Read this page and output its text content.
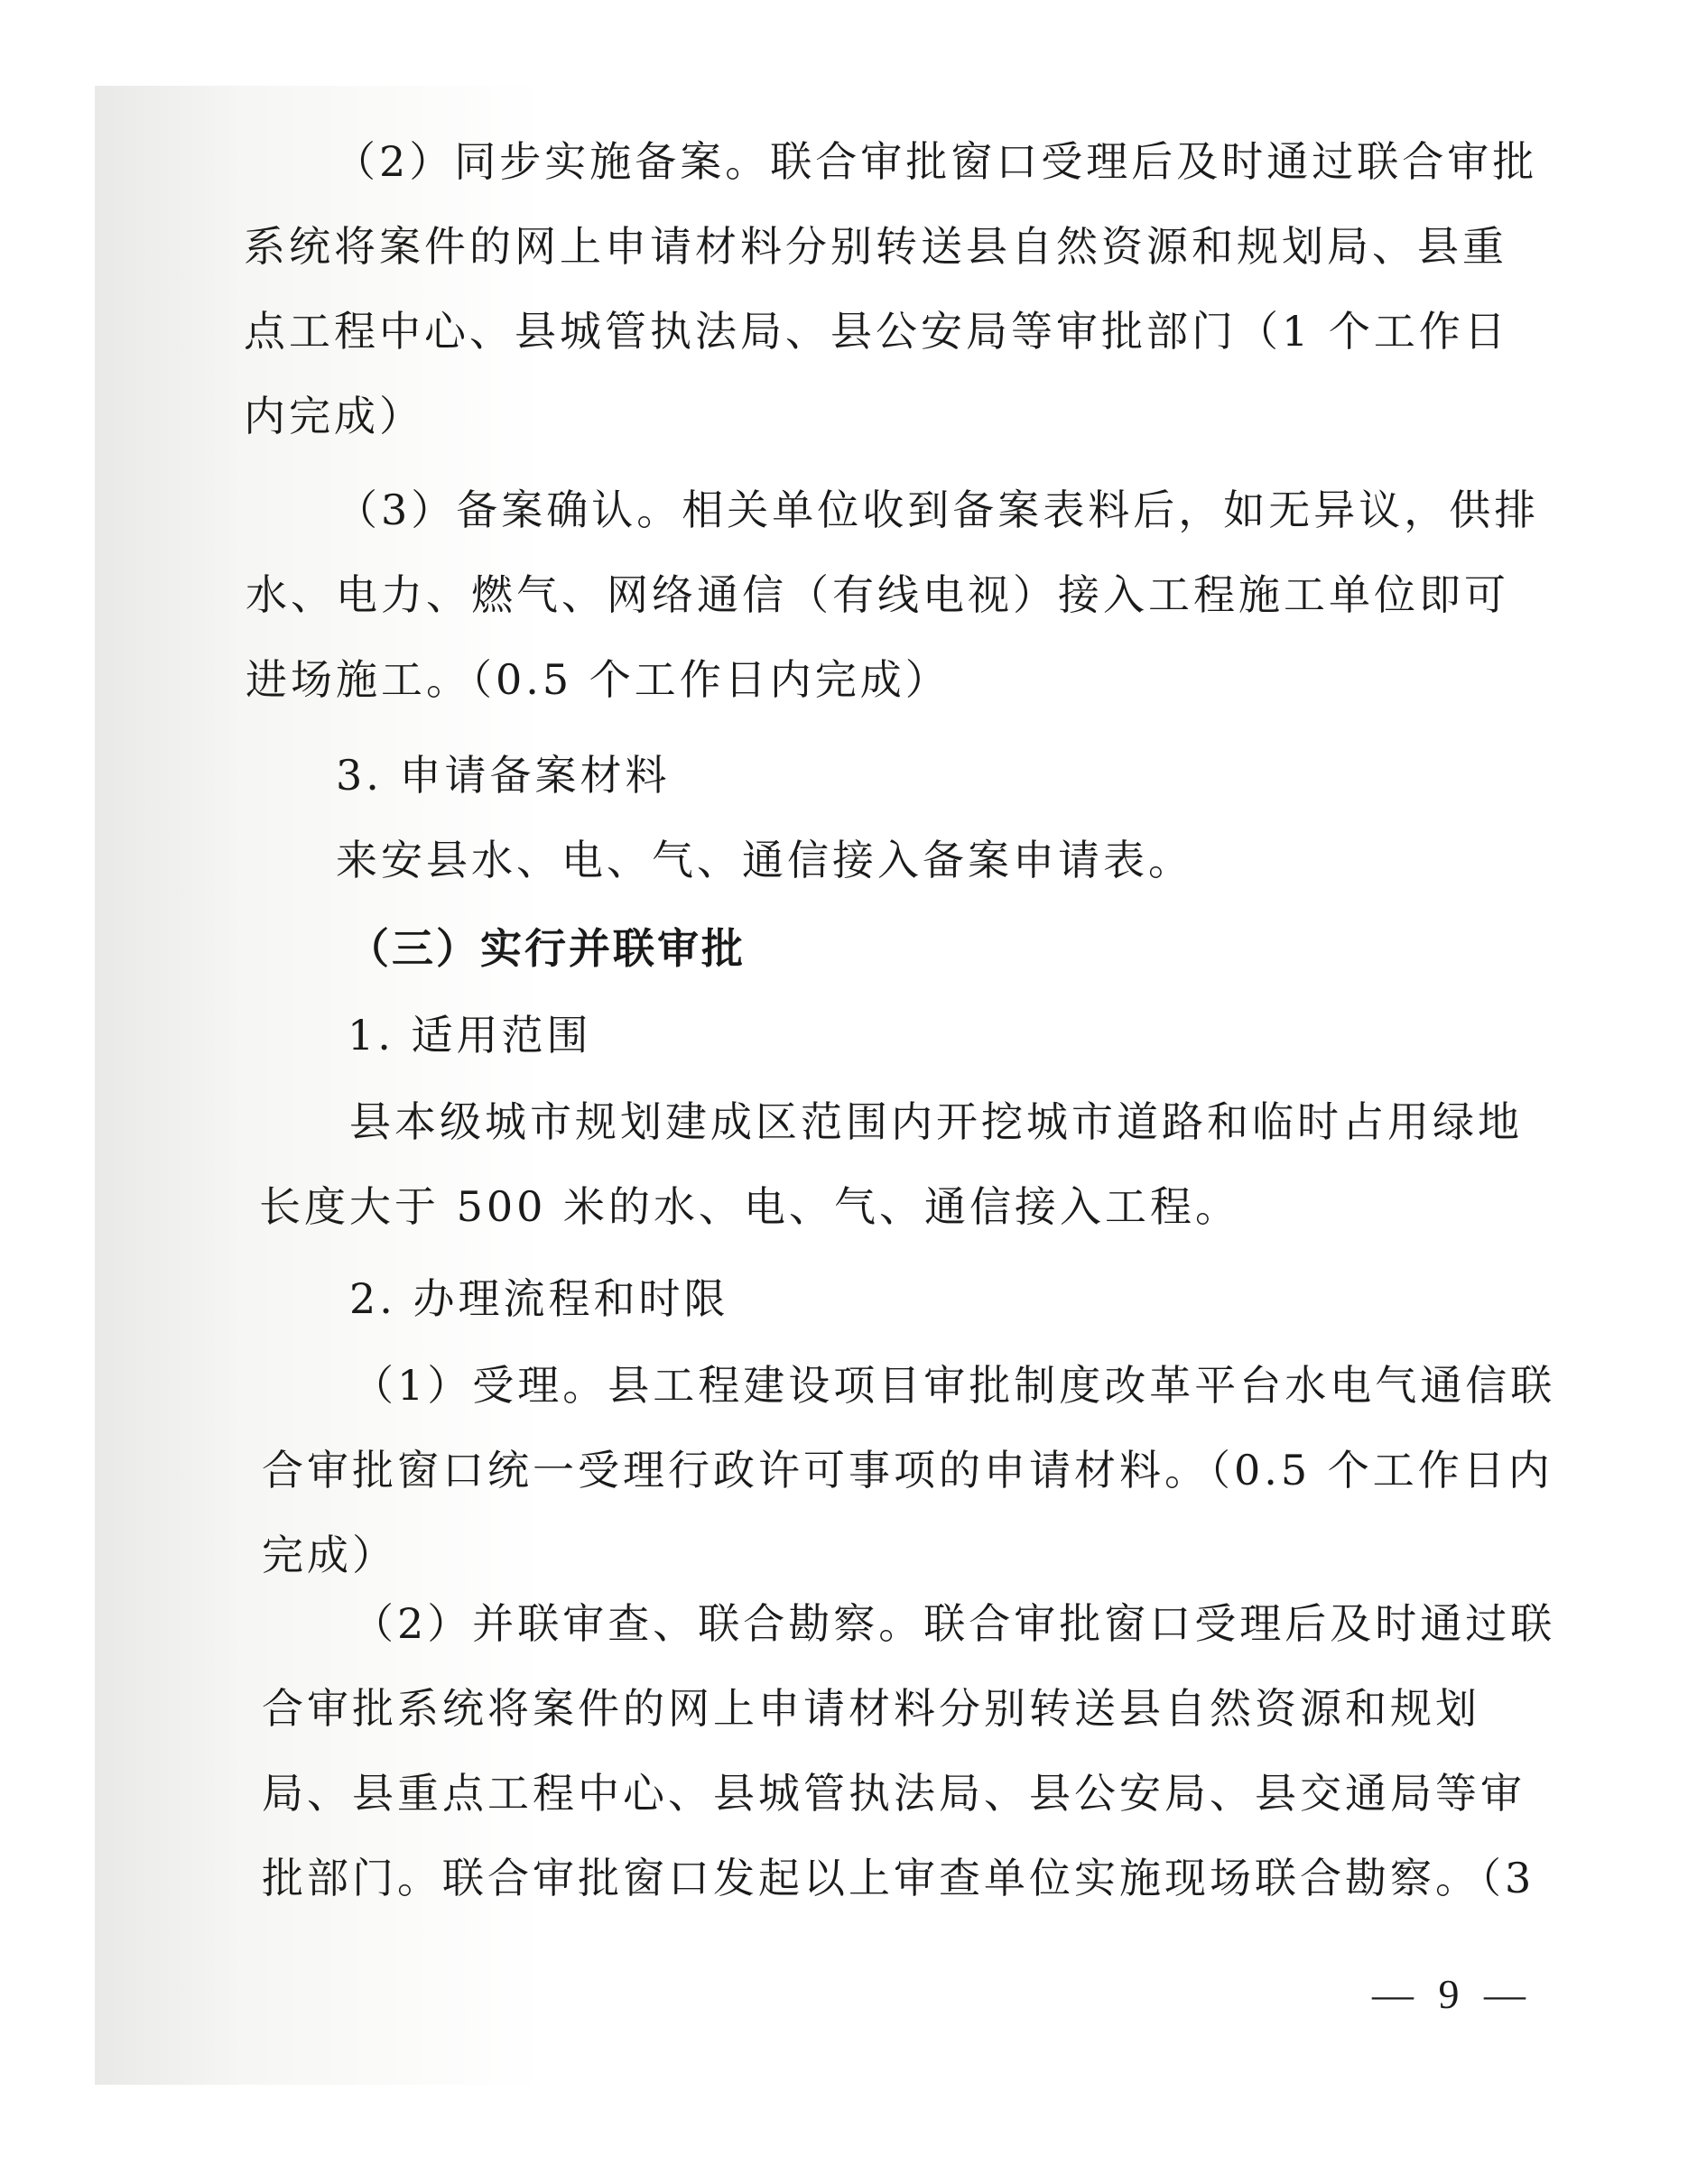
（2）同步实施备案。联合审批窗口受理后及时通过联合审批
系统将案件的网上申请材料分别转送县自然资源和规划局、县重
点工程中心、县城管执法局、县公安局等审批部门（1 个工作日
内完成）
（3）备案确认。相关单位收到备案表料后，如无异议，供排
水、电力、燃气、网络通信（有线电视）接入工程施工单位即可
进场施工。（0.5 个工作日内完成）
3. 申请备案材料
来安县水、电、气、通信接入备案申请表。
（三）实行并联审批
1. 适用范围
县本级城市规划建成区范围内开挖城市道路和临时占用绿地
长度大于 500 米的水、电、气、通信接入工程。
2. 办理流程和时限
（1）受理。县工程建设项目审批制度改革平台水电气通信联
合审批窗口统一受理行政许可事项的申请材料。（0.5 个工作日内
完成）
（2）并联审查、联合勘察。联合审批窗口受理后及时通过联
合审批系统将案件的网上申请材料分别转送县自然资源和规划
局、县重点工程中心、县城管执法局、县公安局、县交通局等审
批部门。联合审批窗口发起以上审查单位实施现场联合勘察。（3
— 9 —
